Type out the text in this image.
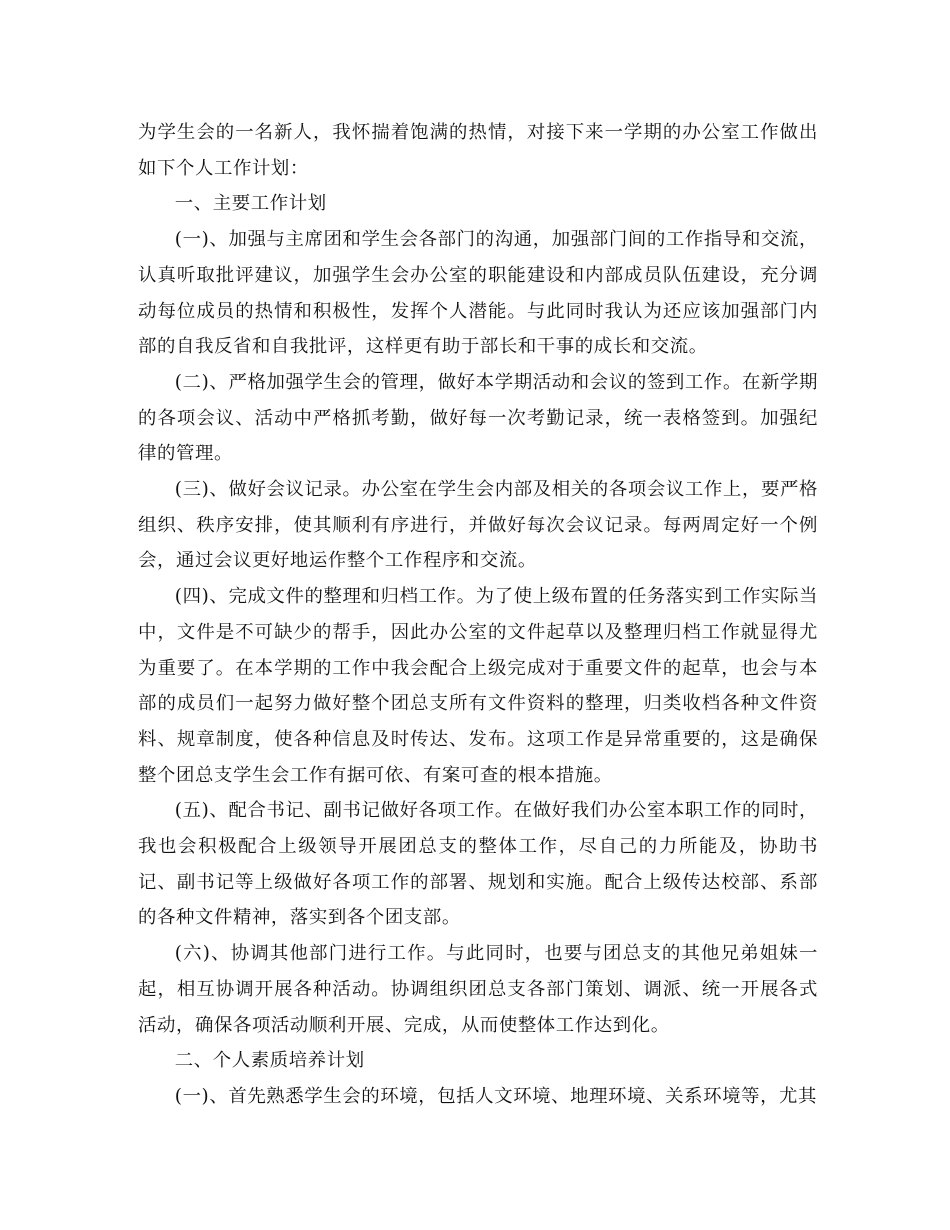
为学生会的一名新人，我怀揣着饱满的热情，对接下来一学期的办公室工作做出如下个人工作计划：

一、主要工作计划

(一)、加强与主席团和学生会各部门的沟通，加强部门间的工作指导和交流，认真听取批评建议，加强学生会办公室的职能建设和内部成员队伍建设，充分调动每位成员的热情和积极性，发挥个人潜能。与此同时我认为还应该加强部门内部的自我反省和自我批评，这样更有助于部长和干事的成长和交流。

(二)、严格加强学生会的管理，做好本学期活动和会议的签到工作。在新学期的各项会议、活动中严格抓考勤，做好每一次考勤记录，统一表格签到。加强纪律的管理。

(三)、做好会议记录。办公室在学生会内部及相关的各项会议工作上，要严格组织、秩序安排，使其顺利有序进行，并做好每次会议记录。每两周定好一个例会，通过会议更好地运作整个工作程序和交流。

(四)、完成文件的整理和归档工作。为了使上级布置的任务落实到工作实际当中，文件是不可缺少的帮手，因此办公室的文件起草以及整理归档工作就显得尤为重要了。在本学期的工作中我会配合上级完成对于重要文件的起草，也会与本部的成员们一起努力做好整个团总支所有文件资料的整理，归类收档各种文件资料、规章制度，使各种信息及时传达、发布。这项工作是异常重要的，这是确保整个团总支学生会工作有据可依、有案可查的根本措施。

(五)、配合书记、副书记做好各项工作。在做好我们办公室本职工作的同时，我也会积极配合上级领导开展团总支的整体工作，尽自己的力所能及，协助书记、副书记等上级做好各项工作的部署、规划和实施。配合上级传达校部、系部的各种文件精神，落实到各个团支部。

(六)、协调其他部门进行工作。与此同时，也要与团总支的其他兄弟姐妹一起，相互协调开展各种活动。协调组织团总支各部门策划、调派、统一开展各式活动，确保各项活动顺利开展、完成，从而使整体工作达到化。

二、个人素质培养计划

(一)、首先熟悉学生会的环境，包括人文环境、地理环境、关系环境等，尤其
